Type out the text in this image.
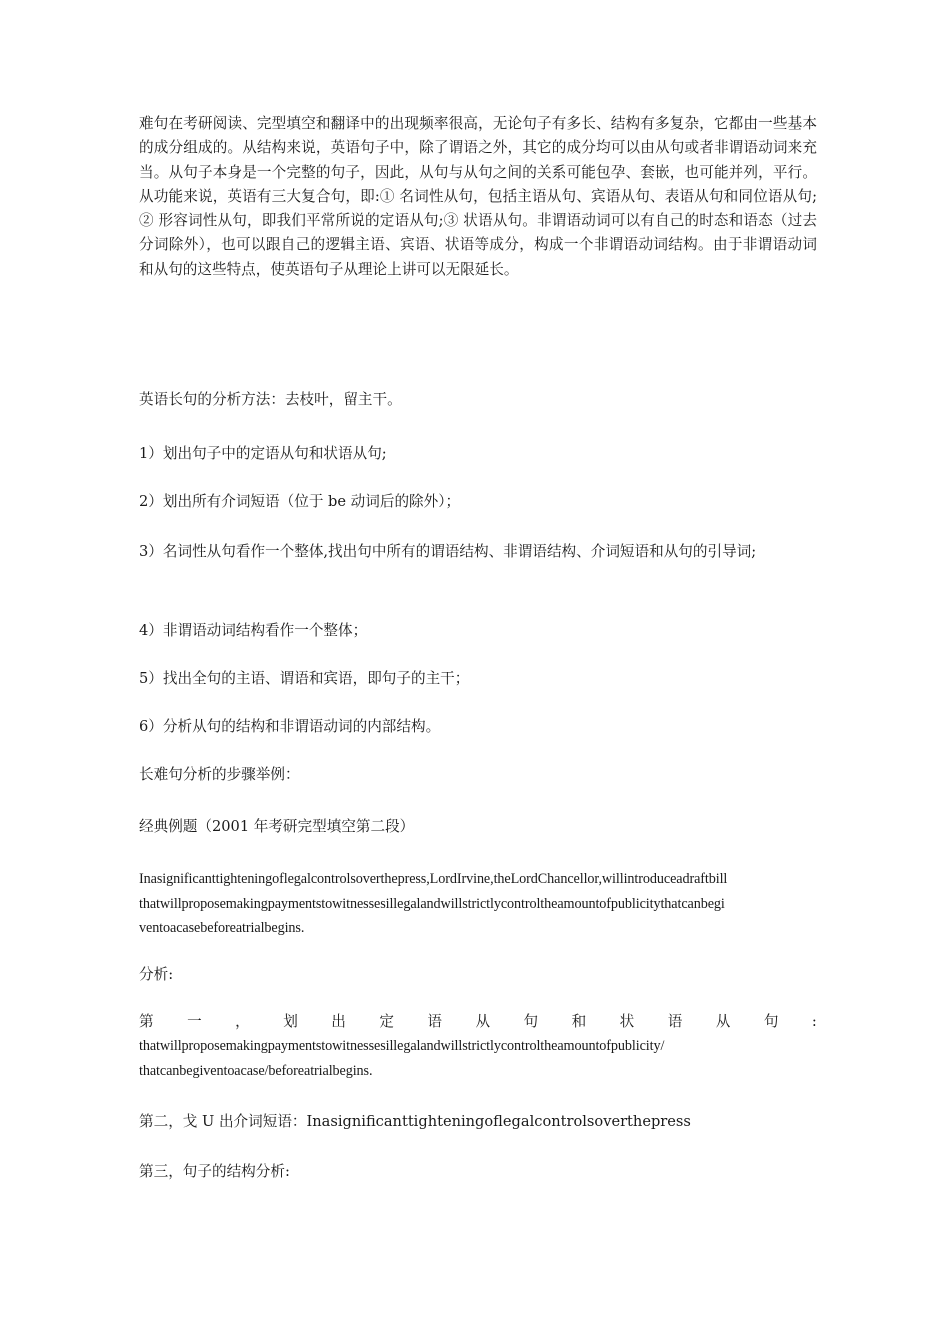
难句在考研阅读、完型填空和翻译中的出现频率很高，无论句子有多长、结构有多复杂，它都由一些基本的成分组成的。从结构来说，英语句子中，除了谓语之外，其它的成分均可以由从句或者非谓语动词来充当。从句子本身是一个完整的句子，因此，从句与从句之间的关系可能包孕、套嵌，也可能并列，平行。从功能来说，英语有三大复合句，即:① 名词性从句，包括主语从句、宾语从句、表语从句和同位语从句;② 形容词性从句，即我们平常所说的定语从句;③ 状语从句。非谓语动词可以有自己的时态和语态（过去分词除外），也可以跟自己的逻辑主语、宾语、状语等成分，构成一个非谓语动词结构。由于非谓语动词和从句的这些特点，使英语句子从理论上讲可以无限延长。

英语长句的分析方法：去枝叶，留主干。

1）划出句子中的定语从句和状语从句;

2）划出所有介词短语（位于 be 动词后的除外）；

3）名词性从句看作一个整体,找出句中所有的谓语结构、非谓语结构、介词短语和从句的引导词;

4）非谓语动词结构看作一个整体；

5）找出全句的主语、谓语和宾语，即句子的主干；

6）分析从句的结构和非谓语动词的内部结构。

长难句分析的步骤举例：

经典例题（2001 年考研完型填空第二段）

Inasignificanttighteningoflegalcontrolsoverthepress,LordIrvine,theLordChancellor,willintroduceadraftbill
thatwillproposemakingpaymentstowitnessesillegalandwillstrictlycontroltheamountofpublicitythatcanbegi
ventoacasebeforeatrialbegins.

分析:

第 一 ， 划 出 定 语 从 句 和 状 语 从 句 :
thatwillproposemakingpaymentstowitnessesillegalandwillstrictlycontroltheamountofpublicity/
thatcanbegiventoacase/beforeatrialbegins.

第二，戈 U 出介词短语：Inasignificanttighteningoflegalcontrolsoverthepress

第三，句子的结构分析:
